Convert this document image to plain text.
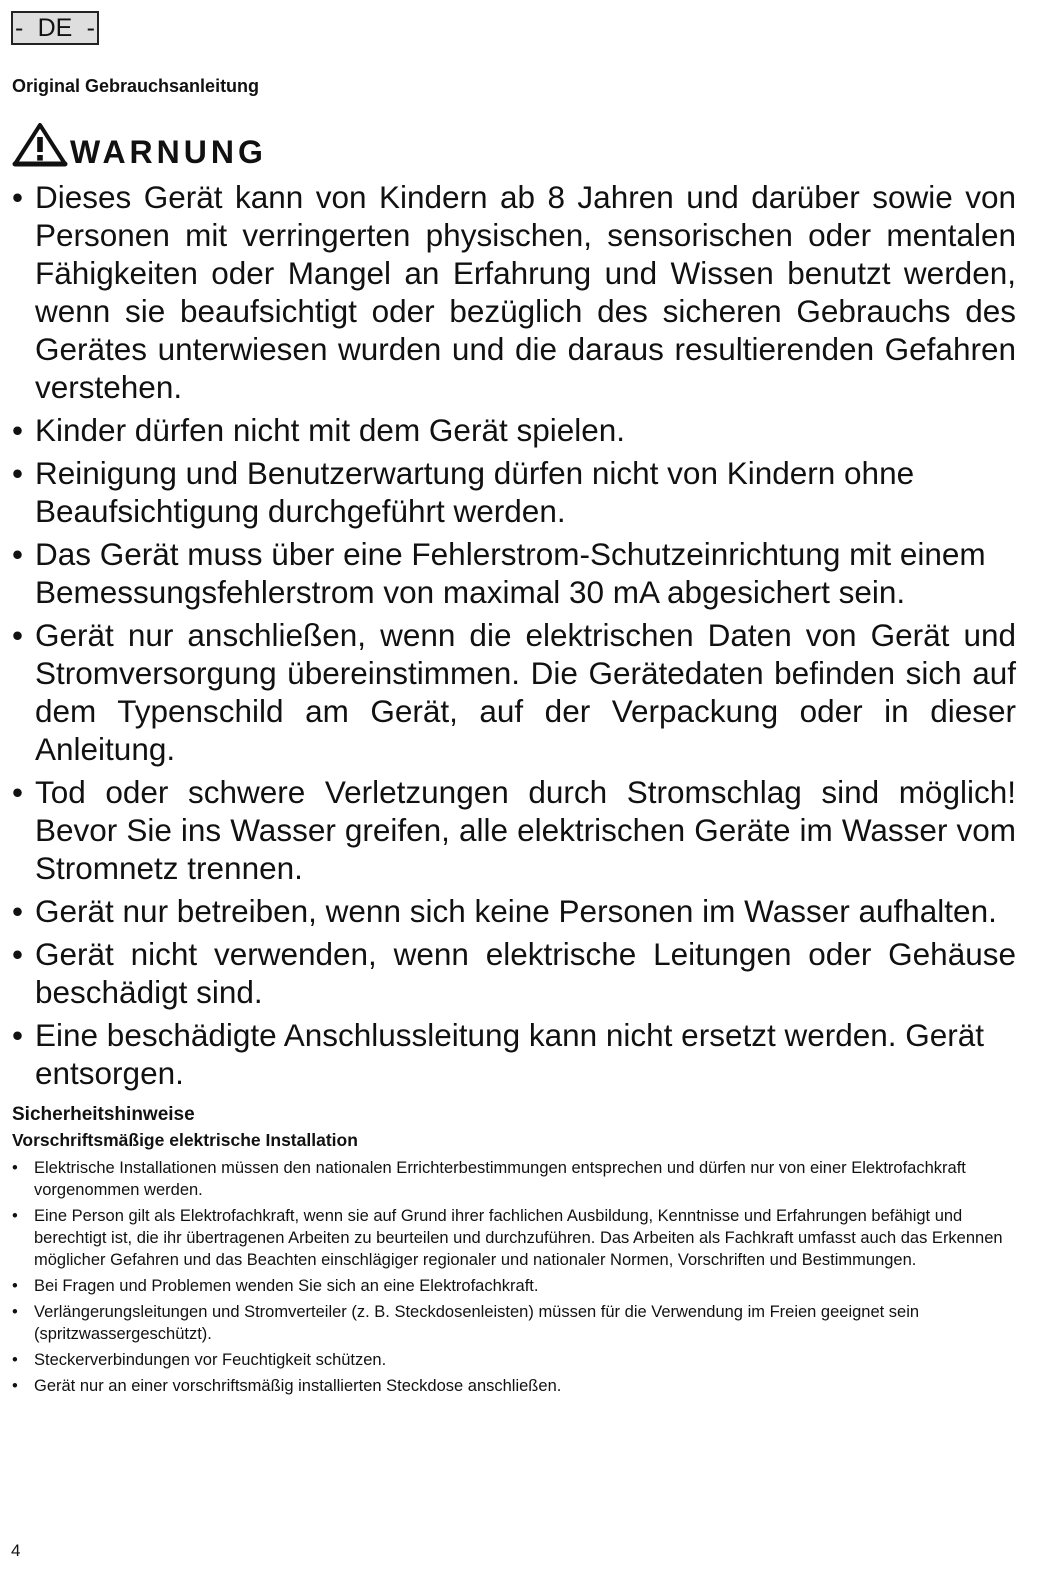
- DE -
Original Gebrauchsanleitung
WARNUNG
• Dieses Gerät kann von Kindern ab 8 Jahren und darüber sowie von Personen mit verringerten physischen, sensorischen oder mentalen Fähigkeiten oder Mangel an Erfahrung und Wissen benutzt werden, wenn sie beaufsichtigt oder bezüglich des sicheren Gebrauchs des Gerätes unterwiesen wurden und die daraus resultierenden Gefahren verstehen.
• Kinder dürfen nicht mit dem Gerät spielen.
• Reinigung und Benutzerwartung dürfen nicht von Kindern ohne Beaufsichtigung durchgeführt werden.
• Das Gerät muss über eine Fehlerstrom-Schutzeinrichtung mit einem Bemessungsfehlerstrom von maximal 30 mA abgesichert sein.
• Gerät nur anschließen, wenn die elektrischen Daten von Gerät und Stromversorgung übereinstimmen. Die Gerätedaten befinden sich auf dem Typenschild am Gerät, auf der Verpackung oder in dieser Anleitung.
• Tod oder schwere Verletzungen durch Stromschlag sind möglich! Bevor Sie ins Wasser greifen, alle elektrischen Geräte im Wasser vom Stromnetz trennen.
• Gerät nur betreiben, wenn sich keine Personen im Wasser aufhalten.
• Gerät nicht verwenden, wenn elektrische Leitungen oder Gehäuse beschädigt sind.
• Eine beschädigte Anschlussleitung kann nicht ersetzt werden. Gerät entsorgen.
Sicherheitshinweise
Vorschriftsmäßige elektrische Installation
• Elektrische Installationen müssen den nationalen Errichterbestimmungen entsprechen und dürfen nur von einer Elektrofachkraft vorgenommen werden.
• Eine Person gilt als Elektrofachkraft, wenn sie auf Grund ihrer fachlichen Ausbildung, Kenntnisse und Erfahrungen befähigt und berechtigt ist, die ihr übertragenen Arbeiten zu beurteilen und durchzuführen. Das Arbeiten als Fachkraft umfasst auch das Erkennen möglicher Gefahren und das Beachten einschlägiger regionaler und nationaler Normen, Vorschriften und Bestimmungen.
• Bei Fragen und Problemen wenden Sie sich an eine Elektrofachkraft.
• Verlängerungsleitungen und Stromverteiler (z. B. Steckdosenleisten) müssen für die Verwendung im Freien geeignet sein (spritzwassergeschützt).
• Steckerverbindungen vor Feuchtigkeit schützen.
• Gerät nur an einer vorschriftsmäßig installierten Steckdose anschließen.
4
